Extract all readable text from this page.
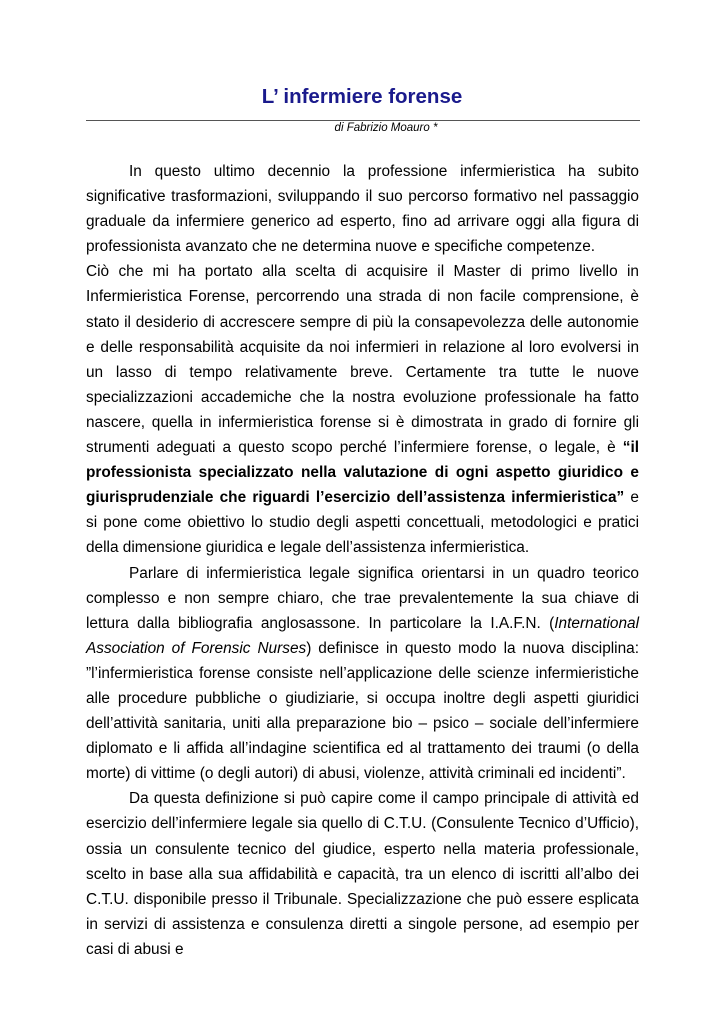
L’ infermiere forense
di Fabrizio Moauro *

In questo ultimo decennio la professione infermieristica ha subito significative trasformazioni, sviluppando il suo percorso formativo nel passaggio graduale da infermiere generico ad esperto, fino ad arrivare oggi alla figura di professionista avanzato che ne determina nuove e specifiche competenze.

Ciò che mi ha portato alla scelta di acquisire il Master di primo livello in Infermieristica Forense, percorrendo una strada di non facile comprensione, è stato il desiderio di accrescere sempre di più la consapevolezza delle autonomie e delle responsabilità acquisite da noi infermieri in relazione al loro evolversi in un lasso di tempo relativamente breve. Certamente tra tutte le nuove specializzazioni accademiche che la nostra evoluzione professionale ha fatto nascere, quella in infermieristica forense si è dimostrata in grado di fornire gli strumenti adeguati a questo scopo perché l’infermiere forense, o legale, è “il professionista specializzato nella valutazione di ogni aspetto giuridico e giurisprudenziale che riguardi l’esercizio dell’assistenza infermieristica” e si pone come obiettivo lo studio degli aspetti concettuali, metodologici e pratici della dimensione giuridica e legale dell’assistenza infermieristica.

Parlare di infermieristica legale significa orientarsi in un quadro teorico complesso e non sempre chiaro, che trae prevalentemente la sua chiave di lettura dalla bibliografia anglosassone. In particolare la I.A.F.N. (International Association of Forensic Nurses) definisce in questo modo la nuova disciplina: ”l’infermieristica forense consiste nell’applicazione delle scienze infermieristiche alle procedure pubbliche o giudiziarie, si occupa inoltre degli aspetti giuridici dell’attività sanitaria, uniti alla preparazione bio – psico – sociale dell’infermiere diplomato e li affida all’indagine scientifica ed al trattamento dei traumi (o della morte) di vittime (o degli autori) di abusi, violenze, attività criminali ed incidenti”.

Da questa definizione si può capire come il campo principale di attività ed esercizio dell’infermiere legale sia quello di C.T.U. (Consulente Tecnico d’Ufficio), ossia un consulente tecnico del giudice, esperto nella materia professionale, scelto in base alla sua affidabilità e capacità, tra un elenco di iscritti all’albo dei C.T.U. disponibile presso il Tribunale. Specializzazione che può essere esplicata in servizi di assistenza e consulenza diretti a singole persone, ad esempio per casi di abusi e
